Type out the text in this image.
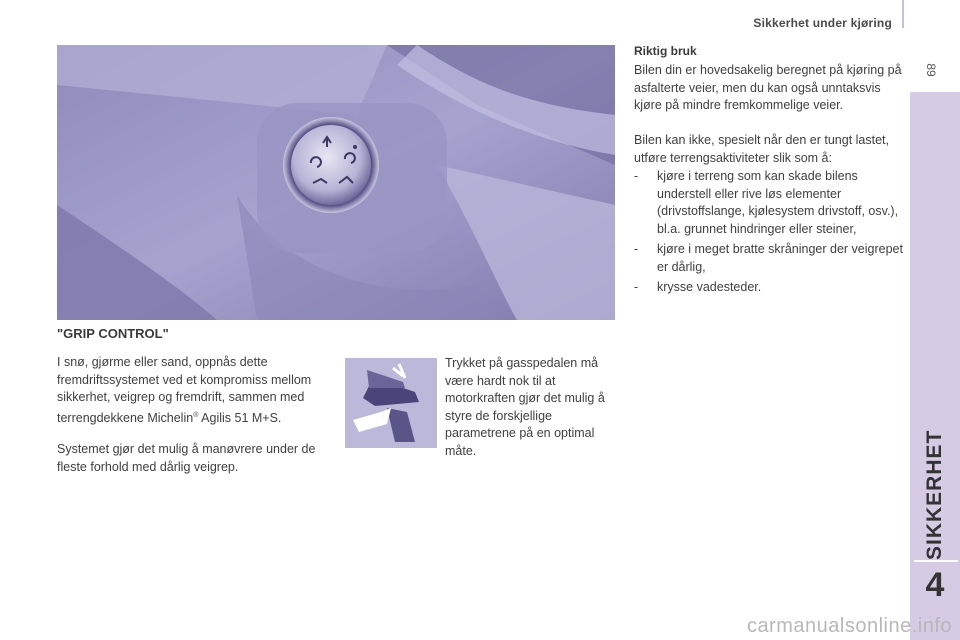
Sikkerhet under kjøring
89
SIKKERHET
4
"GRIP CONTROL"

I snø, gjørme eller sand, oppnås dette fremdriftssystemet ved et kompromiss mellom sikkerhet, veigrep og fremdrift, sammen med terrengdekkene Michelin® Agilis 51 M+S.

Systemet gjør det mulig å manøvrere under de fleste forhold med dårlig veigrep.

Trykket på gasspedalen må være hardt nok til at motorkraften gjør det mulig å styre de forskjellige parametrene på en optimal måte.

Riktig bruk

Bilen din er hovedsakelig beregnet på kjøring på asfalterte veier, men du kan også unntaksvis kjøre på mindre fremkommelige veier.

Bilen kan ikke, spesielt når den er tungt lastet, utføre terrengsaktiviteter slik som å:

- kjøre i terreng som kan skade bilens understell eller rive løs elementer (drivstoffslange, kjølesystem drivstoff, osv.), bl.a. grunnet hindringer eller steiner,
- kjøre i meget bratte skråninger der veigrepet er dårlig,
- krysse vadesteder.
carmanualsonline.info
